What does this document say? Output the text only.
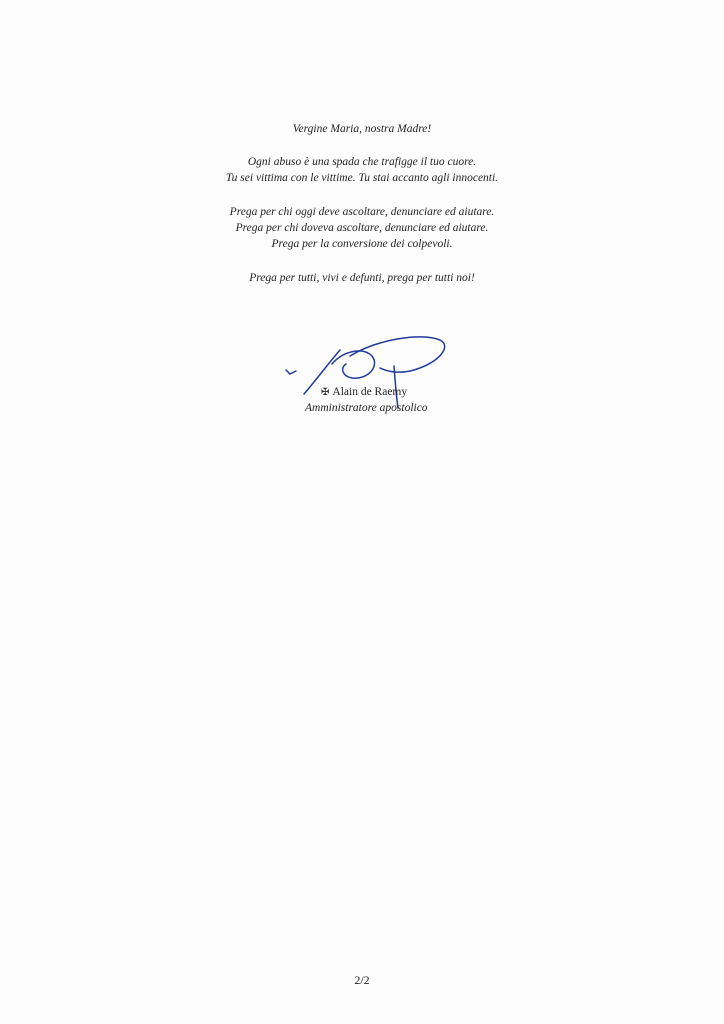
Vergine Maria, nostra Madre!
Ogni abuso è una spada che trafigge il tuo cuore.
Tu sei vittima con le vittime. Tu stai accanto agli innocenti.
Prega per chi oggi deve ascoltare, denunciare ed aiutare.
Prega per chi doveva ascoltare, denunciare ed aiutare.
Prega per la conversione dei colpevoli.
Prega per tutti, vivi e defunti, prega per tutti noi!
✠ Alain de Raemy
Amministratore apostolico
2/2
